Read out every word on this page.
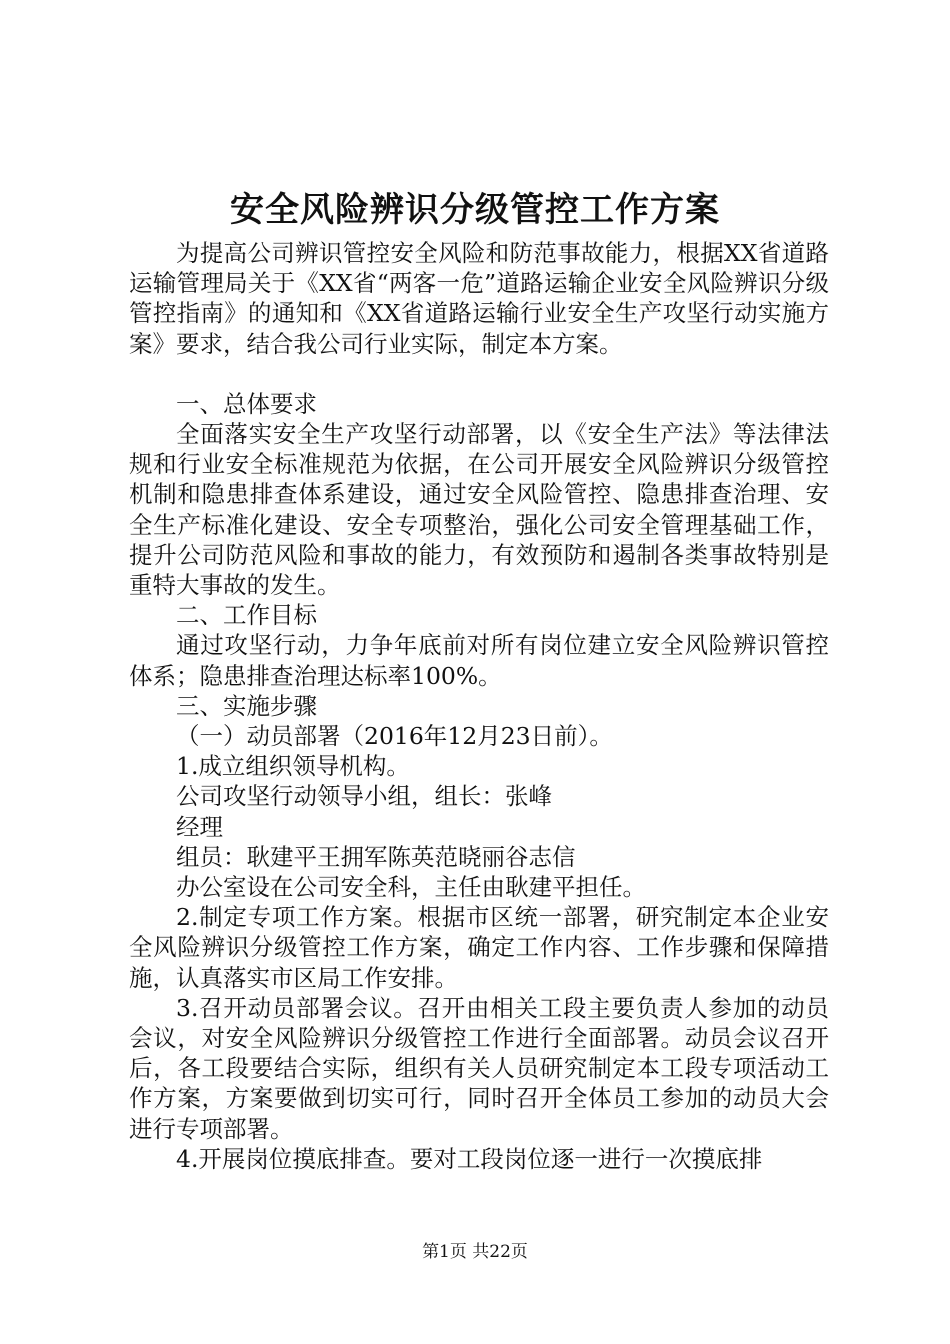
安全风险辨识分级管控工作方案

为提高公司辨识管控安全风险和防范事故能力，根据XX省道路运输管理局关于《XX省“两客一危”道路运输企业安全风险辨识分级管控指南》的通知和《XX省道路运输行业安全生产攻坚行动实施方案》要求，结合我公司行业实际，制定本方案。

一、总体要求

全面落实安全生产攻坚行动部署，以《安全生产法》等法律法规和行业安全标准规范为依据，在公司开展安全风险辨识分级管控机制和隐患排查体系建设，通过安全风险管控、隐患排查治理、安全生产标准化建设、安全专项整治，强化公司安全管理基础工作，提升公司防范风险和事故的能力，有效预防和遏制各类事故特别是重特大事故的发生。

二、工作目标

通过攻坚行动，力争年底前对所有岗位建立安全风险辨识管控体系；隐患排查治理达标率100%。

三、实施步骤

（一）动员部署（2016年12月23日前）。

1.成立组织领导机构。

公司攻坚行动领导小组，组长：张峰

经理

组员：耿建平王拥军陈英范晓丽谷志信

办公室设在公司安全科，主任由耿建平担任。

2.制定专项工作方案。根据市区统一部署，研究制定本企业安全风险辨识分级管控工作方案，确定工作内容、工作步骤和保障措施，认真落实市区局工作安排。

3.召开动员部署会议。召开由相关工段主要负责人参加的动员会议，对安全风险辨识分级管控工作进行全面部署。动员会议召开后，各工段要结合实际，组织有关人员研究制定本工段专项活动工作方案，方案要做到切实可行，同时召开全体员工参加的动员大会进行专项部署。

4.开展岗位摸底排查。要对工段岗位逐一进行一次摸底排

第1页 共22页
